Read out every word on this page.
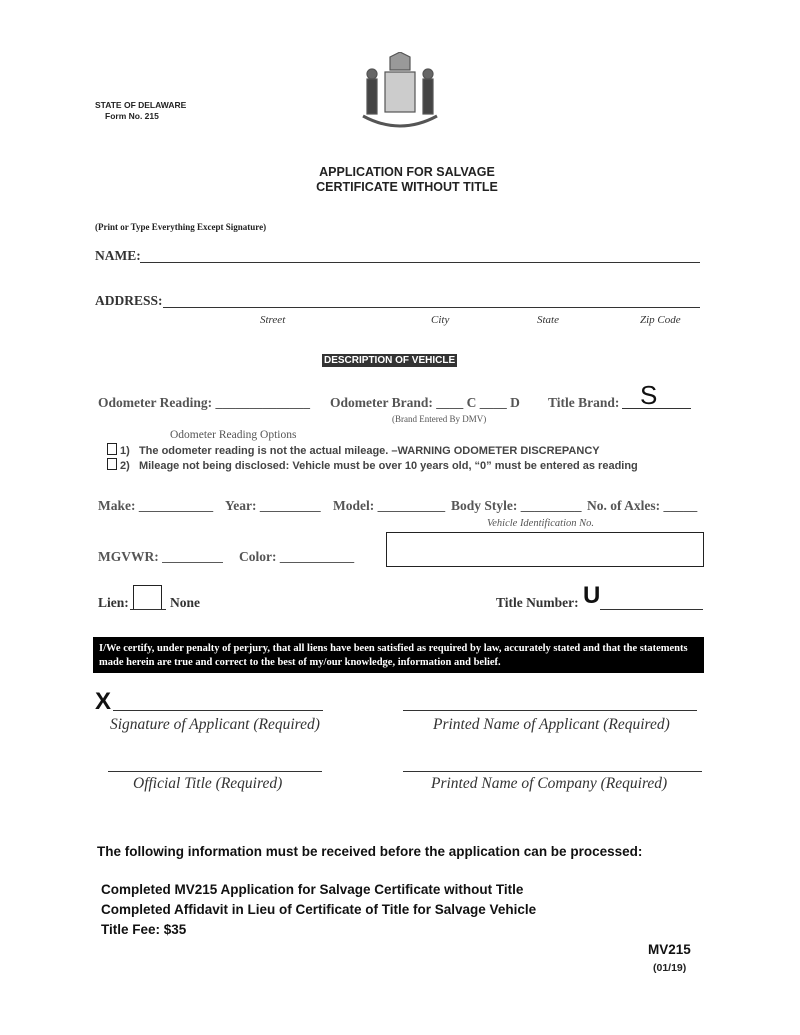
STATE OF DELAWARE
Form No. 215
APPLICATION FOR SALVAGE
CERTIFICATE WITHOUT TITLE
(Print or Type Everything Except Signature)
NAME:
ADDRESS:
Street	City	State	Zip Code
DESCRIPTION OF VEHICLE
Odometer Reading: ______________ Odometer Brand: ____ C ____ D Title Brand: S
(Brand Entered By DMV)
Odometer Reading Options
1) The odometer reading is not the actual mileage. –WARNING ODOMETER DISCREPANCY
2) Mileage not being disclosed: Vehicle must be over 10 years old, “0” must be entered as reading
Make: ___________ Year: _________ Model: __________ Body Style: _________ No. of Axles: _____
Vehicle Identification No.
MGVWR: _________ Color: ___________
Lien:	None	Title Number: U
I/We certify, under penalty of perjury, that all liens have been satisfied as required by law, accurately stated and that the statements made herein are true and correct to the best of my/our knowledge, information and belief.
X
Signature of Applicant (Required)	Printed Name of Applicant (Required)
Official Title (Required)	Printed Name of Company (Required)
The following information must be received before the application can be processed:
Completed MV215 Application for Salvage Certificate without Title
Completed Affidavit in Lieu of Certificate of Title for Salvage Vehicle
Title Fee: $35
MV215
(01/19)
